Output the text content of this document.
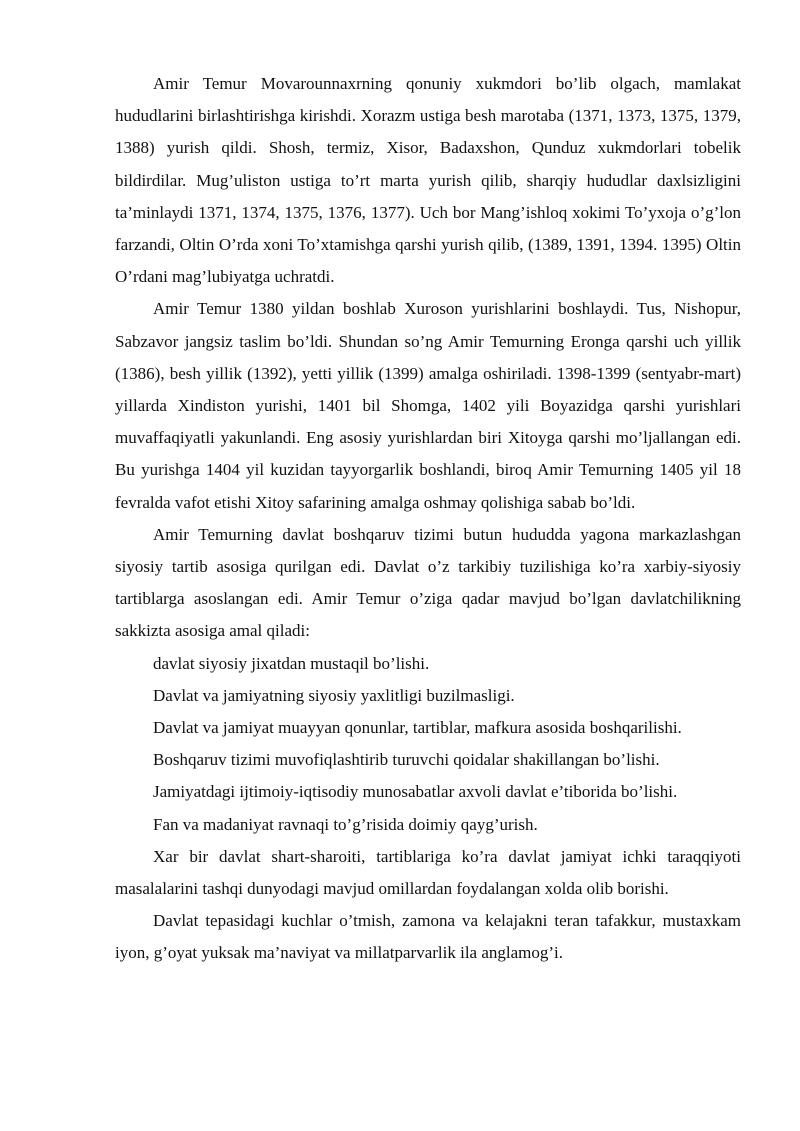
Amir Temur Movarounnaxrning qonuniy xukmdori bo’lib olgach, mamlakat hududlarini birlashtirishga kirishdi. Xorazm ustiga besh marotaba (1371, 1373, 1375, 1379, 1388) yurish qildi. Shosh, termiz, Xisor, Badaxshon, Qunduz xukmdorlari tobelik bildirdilar. Mug’uliston ustiga to’rt marta yurish qilib, sharqiy hududlar daxlsizligini ta’minlaydi 1371, 1374, 1375, 1376, 1377). Uch bor Mang’ishloq xokimi To’yxoja o’g’lon farzandi, Oltin O’rda xoni To’xtamishga qarshi yurish qilib, (1389, 1391, 1394. 1395) Oltin O’rdani mag’lubiyatga uchratdi.

Amir Temur 1380 yildan boshlab Xuroson yurishlarini boshlaydi. Tus, Nishopur, Sabzavor jangsiz taslim bo’ldi. Shundan so’ng Amir Temurning Eronga qarshi uch yillik (1386), besh yillik (1392), yetti yillik (1399) amalga oshiriladi. 1398-1399 (sentyabr-mart) yillarda Xindiston yurishi, 1401 bil Shomga, 1402 yili Boyazidga qarshi yurishlari muvaffaqiyatli yakunlandi. Eng asosiy yurishlardan biri Xitoyga qarshi mo’ljallangan edi. Bu yurishga 1404 yil kuzidan tayyorgarlik boshlandi, biroq Amir Temurning 1405 yil 18 fevralda vafot etishi Xitoy safarining amalga oshmay qolishiga sabab bo’ldi.

Amir Temurning davlat boshqaruv tizimi butun hududda yagona markazlashgan siyosiy tartib asosiga qurilgan edi. Davlat o’z tarkibiy tuzilishiga ko’ra xarbiy-siyosiy tartiblarga asoslangan edi. Amir Temur o’ziga qadar mavjud bo’lgan davlatchilikning sakkizta asosiga amal qiladi:

davlat siyosiy jixatdan mustaqil bo’lishi.

Davlat va jamiyatning siyosiy yaxlitligi buzilmasligi.

Davlat va jamiyat muayyan qonunlar, tartiblar, mafkura asosida boshqarilishi.

Boshqaruv tizimi muvofiqlashtirib turuvchi qoidalar shakillangan bo’lishi.

Jamiyatdagi ijtimoiy-iqtisodiy munosabatlar axvoli davlat e’tiborida bo’lishi.

Fan va madaniyat ravnaqi to’g’risida doimiy qayg’urish.

Xar bir davlat shart-sharoiti, tartiblariga ko’ra davlat jamiyat ichki taraqqiyoti masalalarini tashqi dunyodagi mavjud omillardan foydalangan xolda olib borishi.

Davlat tepasidagi kuchlar o’tmish, zamona va kelajakni teran tafakkur, mustaxkam iyon, g’oyat yuksak ma’naviyat va millatparvarlik ila anglamog’i.
